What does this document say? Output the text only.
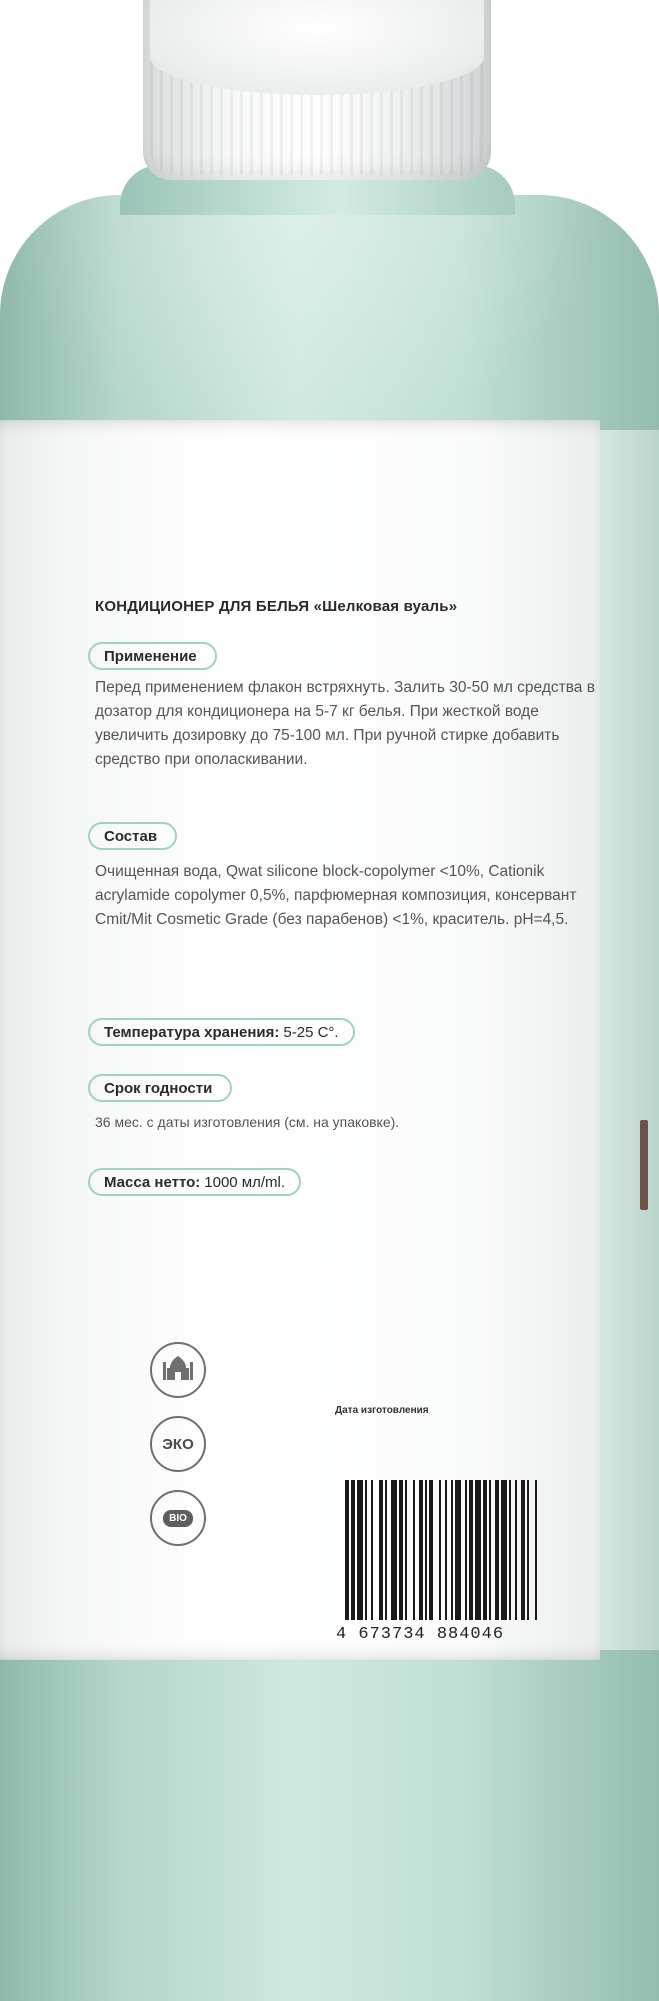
КОНДИЦИОНЕР ДЛЯ БЕЛЬЯ «Шелковая вуаль»
Применение
Перед применением флакон встряхнуть. Залить 30-50 мл средства в дозатор для кондиционера на 5-7 кг белья. При жесткой воде увеличить дозировку до 75-100 мл. При ручной стирке добавить средство при ополаскивании.
Состав
Очищенная вода, Qwat silicone block-copolymer <10%, Cationik acrylamide copolymer 0,5%, парфюмерная композиция, консервант Cmit/Mit Cosmetic Grade (без парабенов) <1%, краситель. pH=4,5.
Температура хранения: 5-25 С°.
Срок годности
36 мес. с даты изготовления (см. на упаковке).
Масса нетто: 1000 мл/ml.
Дата изготовления
ЭКО
BIO
4 673734 884046
